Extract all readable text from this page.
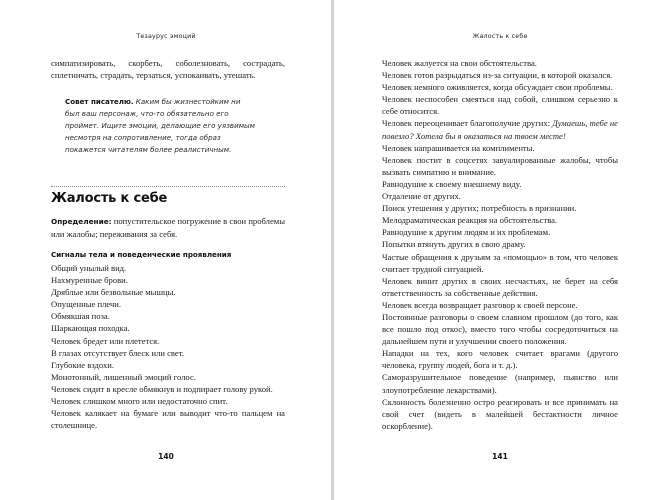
Тезаурус эмоций

симпатизировать, скорбеть, соболезновать, сострадать, сплетничать, страдать, терзаться, успокаивать, утешать.

Совет писателю. Каким бы жизнестойким ни был ваш персонаж, что-то обязательно его проймет. Ищите эмоции, делающие его уязвимым несмотря на сопротивление, тогда образ покажется читателям более реалистичным.
Жалость к себе
Определение: попустительское погружение в свои проблемы или жалобы; переживания за себя.
Сигналы тела и поведенческие проявления
Общий унылый вид.
Нахмуренные брови.
Дряблые или безвольные мышцы.
Опущенные плечи.
Обмякшая поза.
Шаркающая походка.
Человек бредет или плетется.
В глазах отсутствует блеск или свет.
Глубокие вздохи.
Монотонный, лишенный эмоций голос.
Человек сидит в кресле обмякнув и подпирает голову рукой.
Человек слишком много или недостаточно спит.
Человек калякает на бумаге или выводит что-то пальцем на столешнице.
140
Жалость к себе
Человек жалуется на свои обстоятельства.
Человек готов разрыдаться из-за ситуации, в которой оказался.
Человек немного оживляется, когда обсуждает свои проблемы.
Человек неспособен смеяться над собой, слишком серьезно к себе относится.
Человек переоценивает благополучие других: Думаешь, тебе не повезло? Хотела бы я оказаться на твоем месте!
Человек напрашивается на комплименты.
Человек постит в соцсетях завуалированные жалобы, чтобы вызвать симпатию и внимание.
Равнодушие к своему внешнему виду.
Отдаление от других.
Поиск утешения у других; потребность в признании.
Мелодраматическая реакция на обстоятельства.
Равнодушие к другим людям и их проблемам.
Попытки втянуть других в свою драму.
Частые обращения к друзьям за «помощью» в том, что человек считает трудной ситуацией.
Человек винит других в своих несчастьях, не берет на себя ответственность за собственные действия.
Человек всегда возвращает разговор к своей персоне.
Постоянные разговоры о своем славном прошлом (до того, как все пошло под откос), вместо того чтобы сосредоточиться на дальнейшем пути и улучшении своего положения.
Нападки на тех, кого человек считает врагами (другого человека, группу людей, бога и т. д.).
Саморазрушительное поведение (например, пьянство или злоупотребление лекарствами).
Склонность болезненно остро реагировать и все принимать на свой счет (видеть в малейшей бестактности личное оскорбление).
141
